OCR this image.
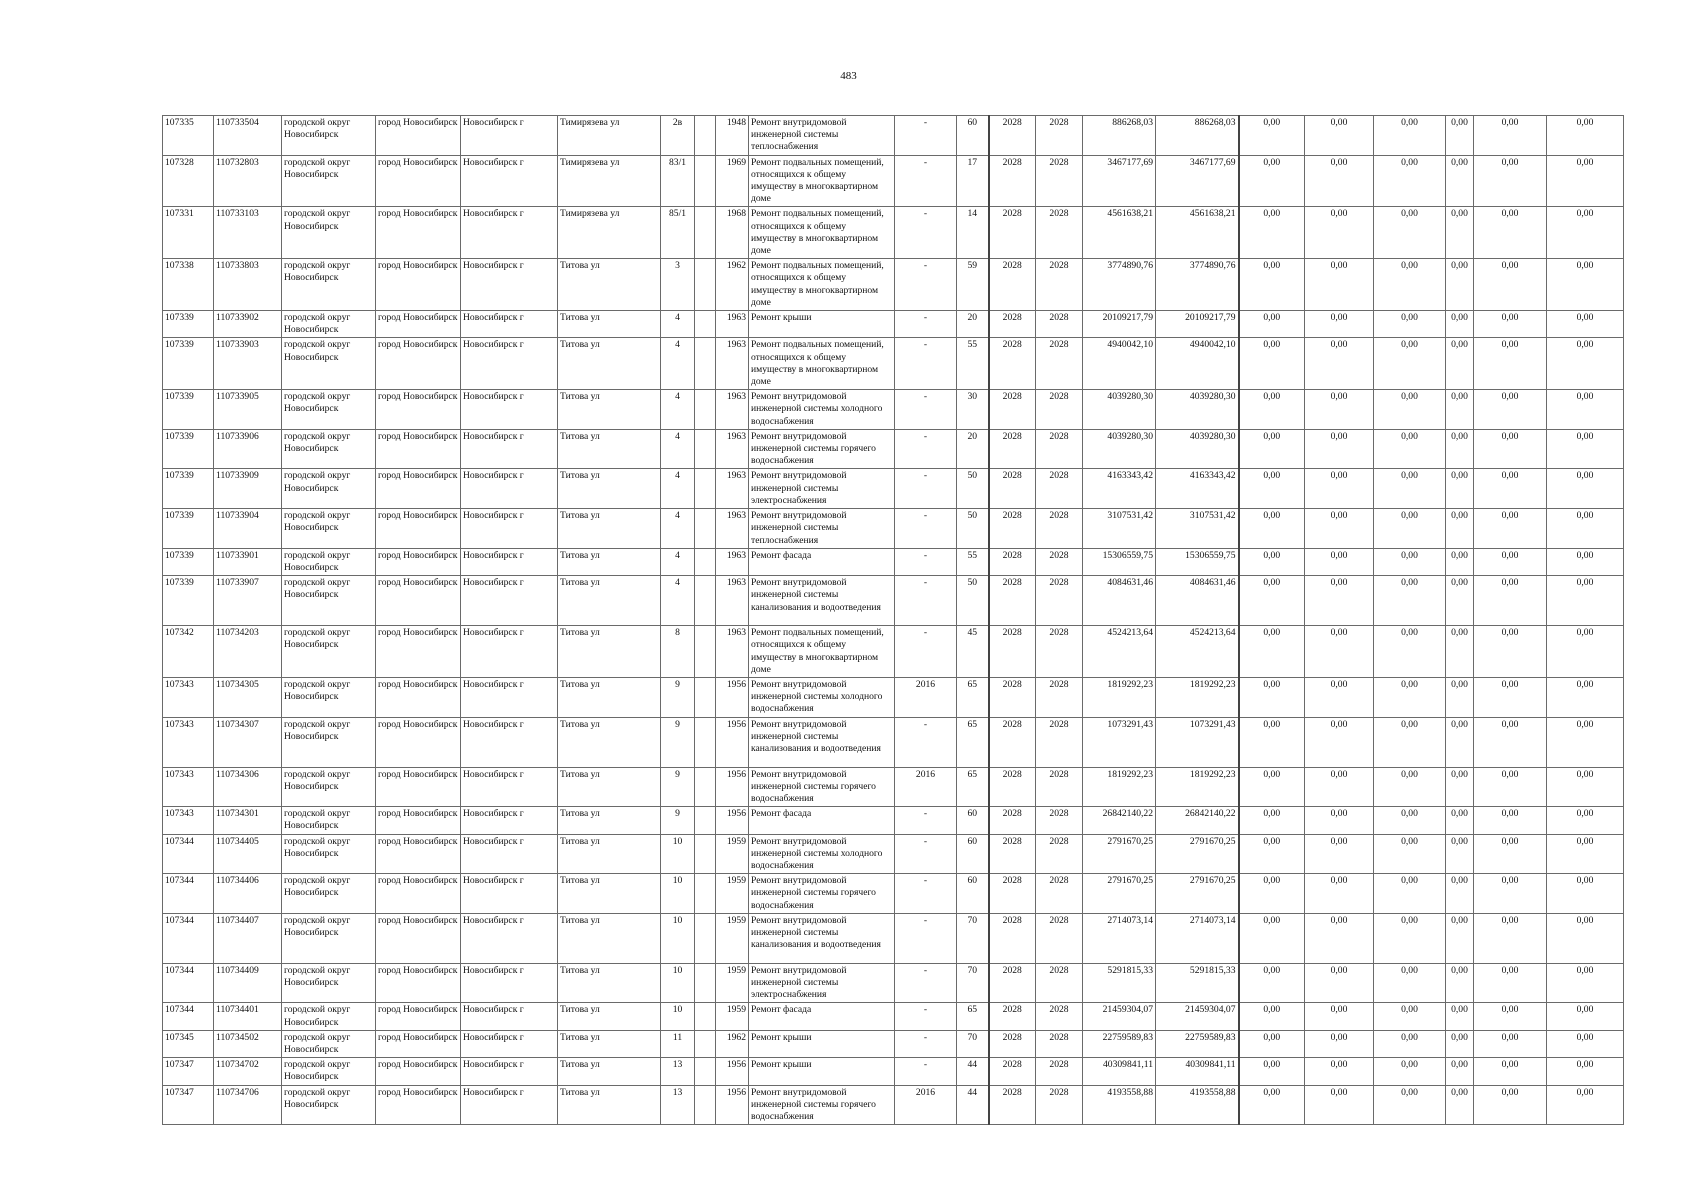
483
107335	110733504	городской округ Новосибирск	город Новосибирск	Новосибирск г	Тимирязева ул	2в		1948	Ремонт внутридомовой инженерной системы теплоснабжения	-	60	2028	2028	886268,03	886268,03	0,00	0,00	0,00	0,00	0,00	0,00
107328	110732803	городской округ Новосибирск	город Новосибирск	Новосибирск г	Тимирязева ул	83/1		1969	Ремонт подвальных помещений, относящихся к общему имуществу в многоквартирном доме	-	17	2028	2028	3467177,69	3467177,69	0,00	0,00	0,00	0,00	0,00	0,00
107331	110733103	городской округ Новосибирск	город Новосибирск	Новосибирск г	Тимирязева ул	85/1		1968	Ремонт подвальных помещений, относящихся к общему имуществу в многоквартирном доме	-	14	2028	2028	4561638,21	4561638,21	0,00	0,00	0,00	0,00	0,00	0,00
107338	110733803	городской округ Новосибирск	город Новосибирск	Новосибирск г	Титова ул	3		1962	Ремонт подвальных помещений, относящихся к общему имуществу в многоквартирном доме	-	59	2028	2028	3774890,76	3774890,76	0,00	0,00	0,00	0,00	0,00	0,00
107339	110733902	городской округ Новосибирск	город Новосибирск	Новосибирск г	Титова ул	4		1963	Ремонт крыши	-	20	2028	2028	20109217,79	20109217,79	0,00	0,00	0,00	0,00	0,00	0,00
107339	110733903	городской округ Новосибирск	город Новосибирск	Новосибирск г	Титова ул	4		1963	Ремонт подвальных помещений, относящихся к общему имуществу в многоквартирном доме	-	55	2028	2028	4940042,10	4940042,10	0,00	0,00	0,00	0,00	0,00	0,00
107339	110733905	городской округ Новосибирск	город Новосибирск	Новосибирск г	Титова ул	4		1963	Ремонт внутридомовой инженерной системы холодного водоснабжения	-	30	2028	2028	4039280,30	4039280,30	0,00	0,00	0,00	0,00	0,00	0,00
107339	110733906	городской округ Новосибирск	город Новосибирск	Новосибирск г	Титова ул	4		1963	Ремонт внутридомовой инженерной системы горячего водоснабжения	-	20	2028	2028	4039280,30	4039280,30	0,00	0,00	0,00	0,00	0,00	0,00
107339	110733909	городской округ Новосибирск	город Новосибирск	Новосибирск г	Титова ул	4		1963	Ремонт внутридомовой инженерной системы электроснабжения	-	50	2028	2028	4163343,42	4163343,42	0,00	0,00	0,00	0,00	0,00	0,00
107339	110733904	городской округ Новосибирск	город Новосибирск	Новосибирск г	Титова ул	4		1963	Ремонт внутридомовой инженерной системы теплоснабжения	-	50	2028	2028	3107531,42	3107531,42	0,00	0,00	0,00	0,00	0,00	0,00
107339	110733901	городской округ Новосибирск	город Новосибирск	Новосибирск г	Титова ул	4		1963	Ремонт фасада	-	55	2028	2028	15306559,75	15306559,75	0,00	0,00	0,00	0,00	0,00	0,00
107339	110733907	городской округ Новосибирск	город Новосибирск	Новосибирск г	Титова ул	4		1963	Ремонт внутридомовой инженерной системы канализования и водоотведения	-	50	2028	2028	4084631,46	4084631,46	0,00	0,00	0,00	0,00	0,00	0,00
107342	110734203	городской округ Новосибирск	город Новосибирск	Новосибирск г	Титова ул	8		1963	Ремонт подвальных помещений, относящихся к общему имуществу в многоквартирном доме	-	45	2028	2028	4524213,64	4524213,64	0,00	0,00	0,00	0,00	0,00	0,00
107343	110734305	городской округ Новосибирск	город Новосибирск	Новосибирск г	Титова ул	9		1956	Ремонт внутридомовой инженерной системы холодного водоснабжения	2016	65	2028	2028	1819292,23	1819292,23	0,00	0,00	0,00	0,00	0,00	0,00
107343	110734307	городской округ Новосибирск	город Новосибирск	Новосибирск г	Титова ул	9		1956	Ремонт внутридомовой инженерной системы канализования и водоотведения	-	65	2028	2028	1073291,43	1073291,43	0,00	0,00	0,00	0,00	0,00	0,00
107343	110734306	городской округ Новосибирск	город Новосибирск	Новосибирск г	Титова ул	9		1956	Ремонт внутридомовой инженерной системы горячего водоснабжения	2016	65	2028	2028	1819292,23	1819292,23	0,00	0,00	0,00	0,00	0,00	0,00
107343	110734301	городской округ Новосибирск	город Новосибирск	Новосибирск г	Титова ул	9		1956	Ремонт фасада	-	60	2028	2028	26842140,22	26842140,22	0,00	0,00	0,00	0,00	0,00	0,00
107344	110734405	городской округ Новосибирск	город Новосибирск	Новосибирск г	Титова ул	10		1959	Ремонт внутридомовой инженерной системы холодного водоснабжения	-	60	2028	2028	2791670,25	2791670,25	0,00	0,00	0,00	0,00	0,00	0,00
107344	110734406	городской округ Новосибирск	город Новосибирск	Новосибирск г	Титова ул	10		1959	Ремонт внутридомовой инженерной системы горячего водоснабжения	-	60	2028	2028	2791670,25	2791670,25	0,00	0,00	0,00	0,00	0,00	0,00
107344	110734407	городской округ Новосибирск	город Новосибирск	Новосибирск г	Титова ул	10		1959	Ремонт внутридомовой инженерной системы канализования и водоотведения	-	70	2028	2028	2714073,14	2714073,14	0,00	0,00	0,00	0,00	0,00	0,00
107344	110734409	городской округ Новосибирск	город Новосибирск	Новосибирск г	Титова ул	10		1959	Ремонт внутридомовой инженерной системы электроснабжения	-	70	2028	2028	5291815,33	5291815,33	0,00	0,00	0,00	0,00	0,00	0,00
107344	110734401	городской округ Новосибирск	город Новосибирск	Новосибирск г	Титова ул	10		1959	Ремонт фасада	-	65	2028	2028	21459304,07	21459304,07	0,00	0,00	0,00	0,00	0,00	0,00
107345	110734502	городской округ Новосибирск	город Новосибирск	Новосибирск г	Титова ул	11		1962	Ремонт крыши	-	70	2028	2028	22759589,83	22759589,83	0,00	0,00	0,00	0,00	0,00	0,00
107347	110734702	городской округ Новосибирск	город Новосибирск	Новосибирск г	Титова ул	13		1956	Ремонт крыши	-	44	2028	2028	40309841,11	40309841,11	0,00	0,00	0,00	0,00	0,00	0,00
107347	110734706	городской округ Новосибирск	город Новосибирск	Новосибирск г	Титова ул	13		1956	Ремонт внутридомовой инженерной системы горячего водоснабжения	2016	44	2028	2028	4193558,88	4193558,88	0,00	0,00	0,00	0,00	0,00	0,00
